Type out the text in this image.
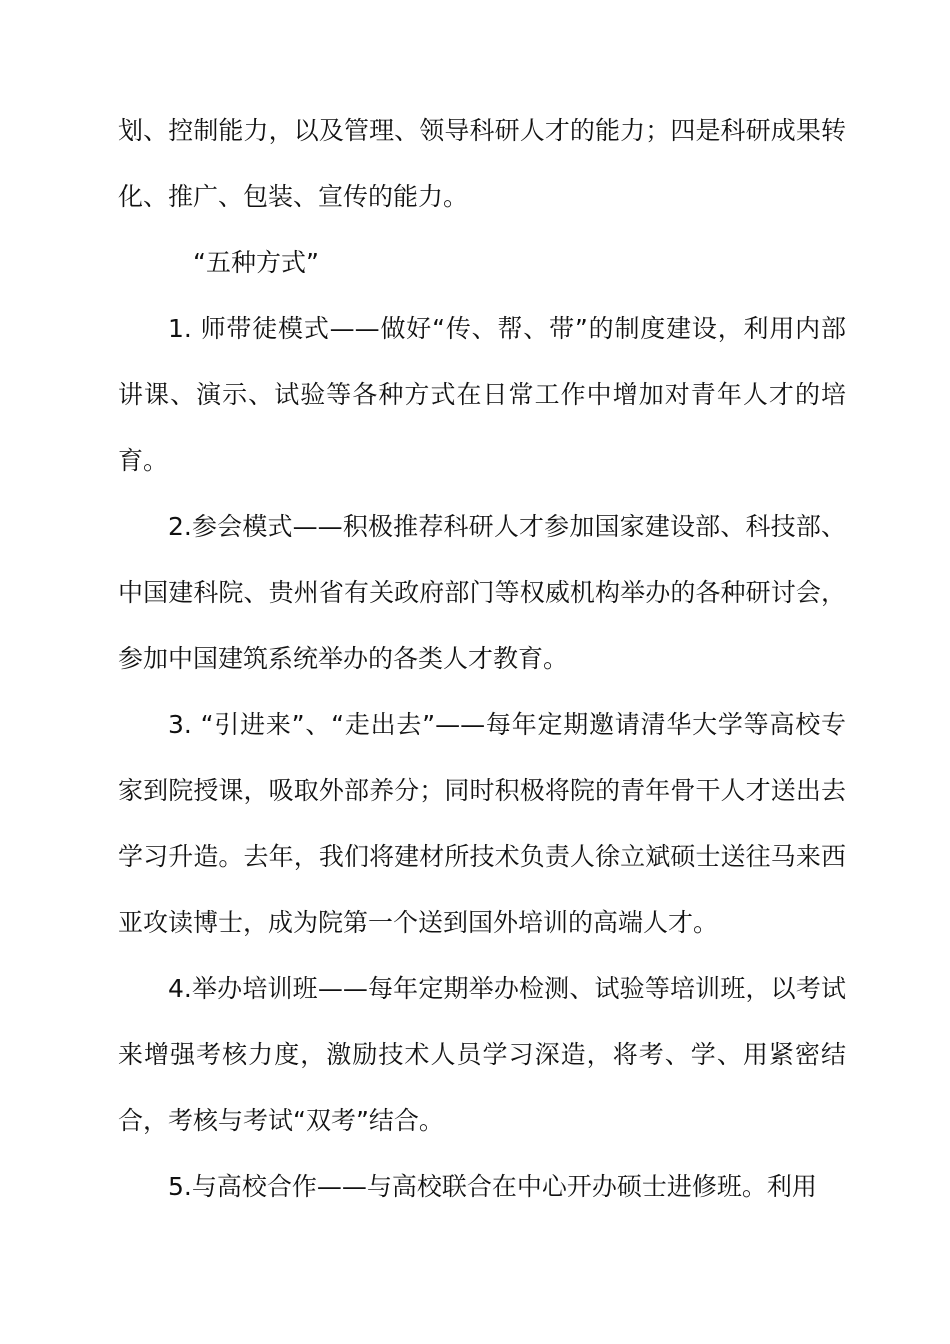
划、控制能力，以及管理、领导科研人才的能力；四是科研成果转化、推广、包装、宣传的能力。

“五种方式”

1. 师带徒模式——做好“传、帮、带”的制度建设，利用内部讲课、演示、试验等各种方式在日常工作中增加对青年人才的培育。

2.参会模式——积极推荐科研人才参加国家建设部、科技部、中国建科院、贵州省有关政府部门等权威机构举办的各种研讨会，参加中国建筑系统举办的各类人才教育。

3. “引进来”、“走出去”——每年定期邀请清华大学等高校专家到院授课，吸取外部养分；同时积极将院的青年骨干人才送出去学习升造。去年，我们将建材所技术负责人徐立斌硕士送往马来西亚攻读博士，成为院第一个送到国外培训的高端人才。

4.举办培训班——每年定期举办检测、试验等培训班，以考试来增强考核力度，激励技术人员学习深造，将考、学、用紧密结合，考核与考试“双考”结合。

5.与高校合作——与高校联合在中心开办硕士进修班。利用
